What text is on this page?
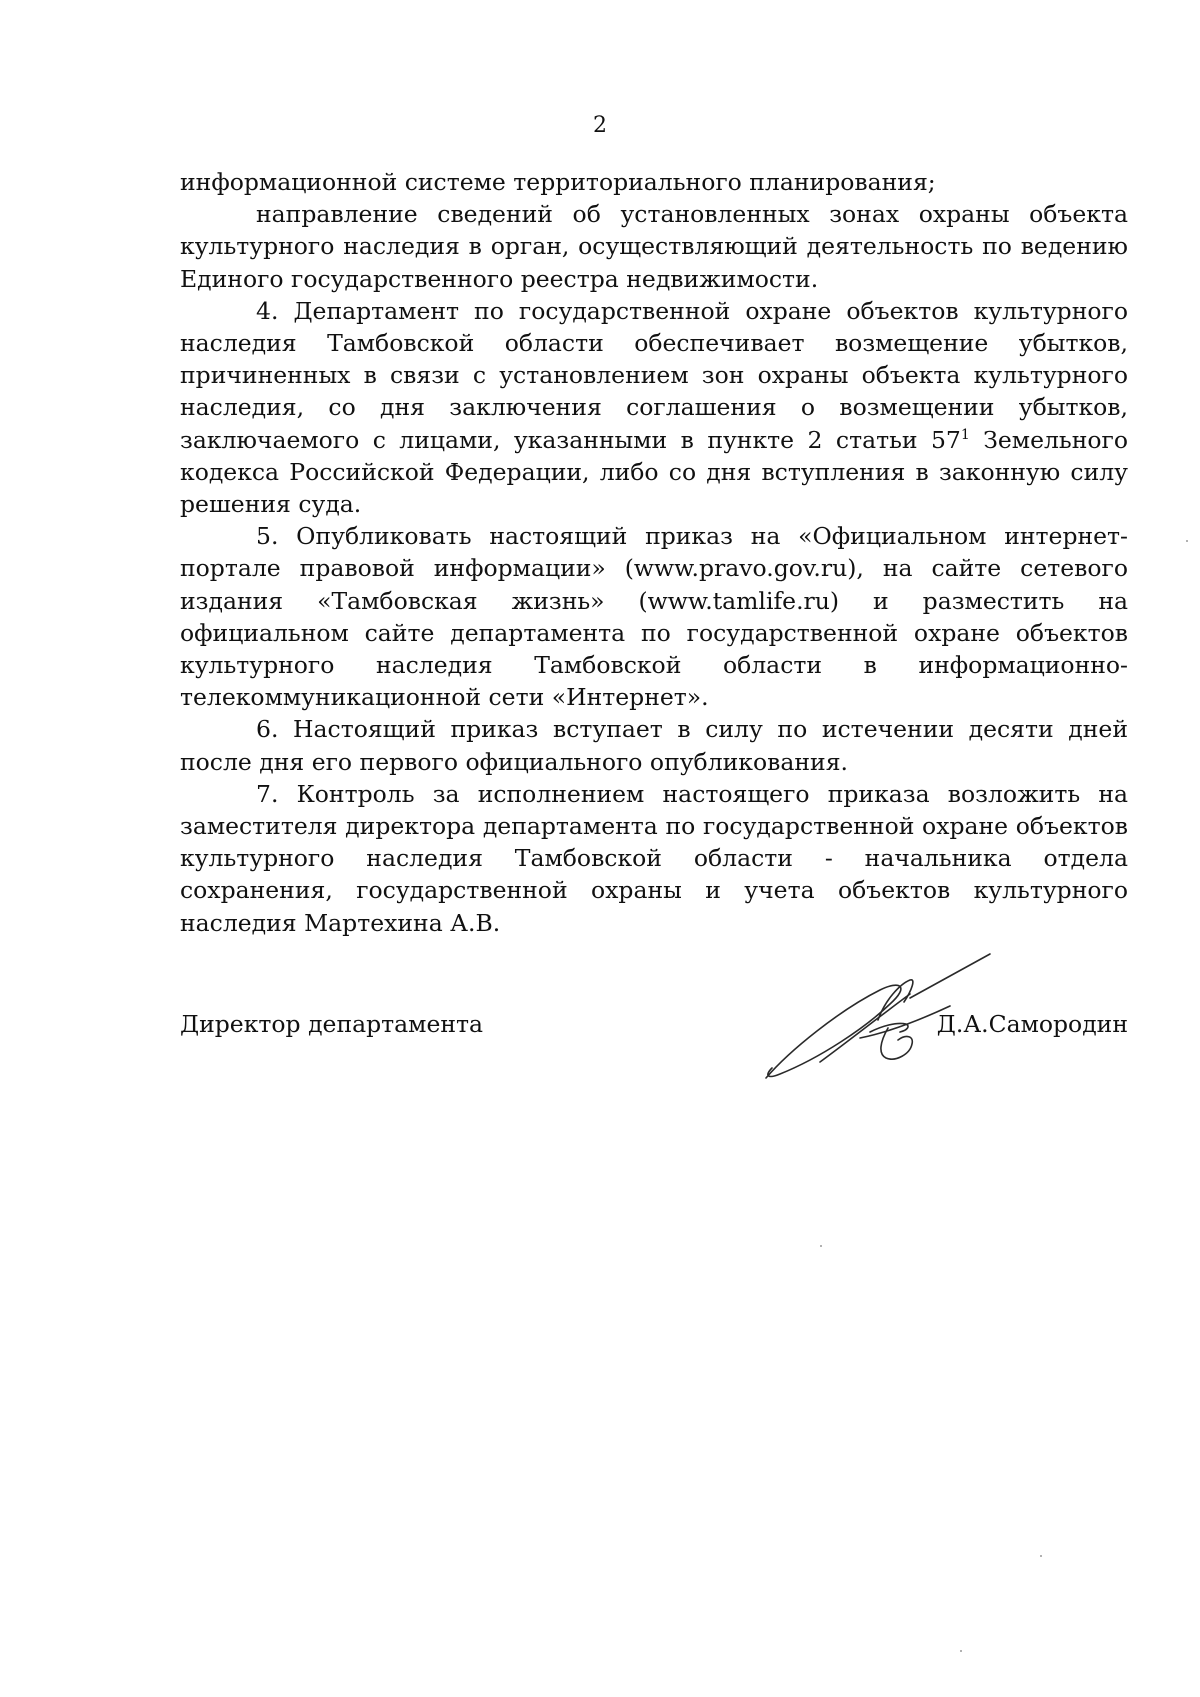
2

информационной системе территориального планирования;

направление сведений об установленных зонах охраны объекта культурного наследия в орган, осуществляющий деятельность по ведению Единого государственного реестра недвижимости.

4. Департамент по государственной охране объектов культурного наследия Тамбовской области обеспечивает возмещение убытков, причиненных в связи с установлением зон охраны объекта культурного наследия, со дня заключения соглашения о возмещении убытков, заключаемого с лицами, указанными в пункте 2 статьи $57^1$ Земельного кодекса Российской Федерации, либо со дня вступления в законную силу решения суда.

5. Опубликовать настоящий приказ на «Официальном интернет-портале правовой информации» (www.pravo.gov.ru), на сайте сетевого издания «Тамбовская жизнь» (www.tamlife.ru) и разместить на официальном сайте департамента по государственной охране объектов культурного наследия Тамбовской области в информационно-телекоммуникационной сети «Интернет».

6. Настоящий приказ вступает в силу по истечении десяти дней после дня его первого официального опубликования.

7. Контроль за исполнением настоящего приказа возложить на заместителя директора департамента по государственной охране объектов культурного наследия Тамбовской области - начальника отдела сохранения, государственной охраны и учета объектов культурного наследия Мартехина А.В.

Директор департамента	Д.А.Самородин
